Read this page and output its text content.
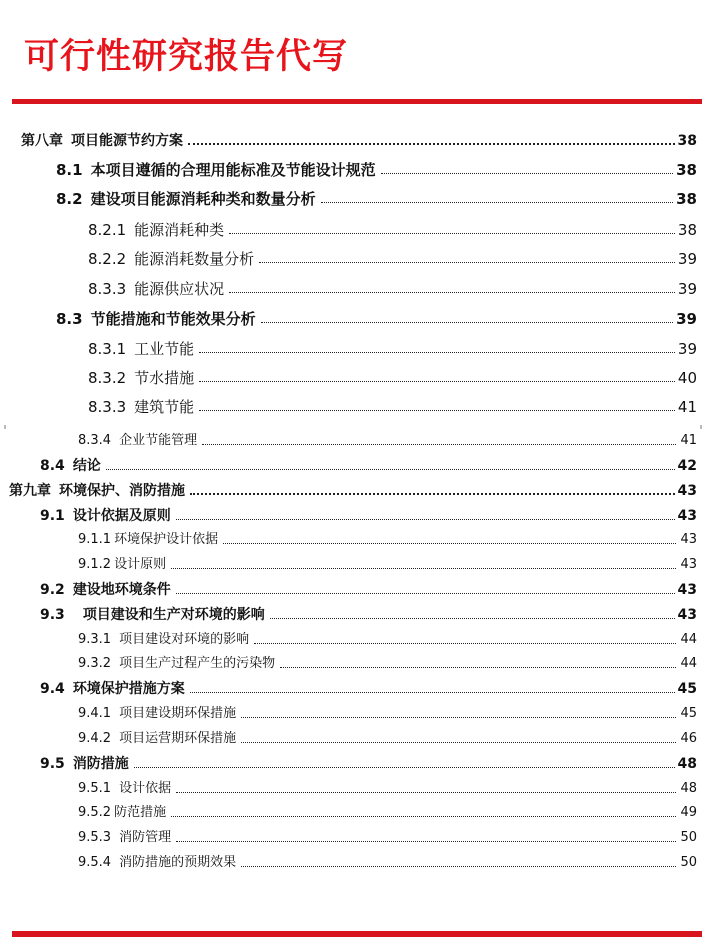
可行性研究报告代写
第八章 项目能源节约方案	38
8.1 本项目遵循的合理用能标准及节能设计规范	38
8.2 建设项目能源消耗种类和数量分析	38
8.2.1 能源消耗种类	38
8.2.2 能源消耗数量分析	39
8.3.3 能源供应状况	39
8.3 节能措施和节能效果分析	39
8.3.1 工业节能	39
8.3.2 节水措施	40
8.3.3 建筑节能	41
8.3.4 企业节能管理	41
8.4 结论	42
第九章 环境保护、消防措施	43
9.1 设计依据及原则	43
9.1.1 环境保护设计依据	43
9.1.2 设计原则	43
9.2 建设地环境条件	43
9.3 项目建设和生产对环境的影响	43
9.3.1 项目建设对环境的影响	44
9.3.2 项目生产过程产生的污染物	44
9.4 环境保护措施方案	45
9.4.1 项目建设期环保措施	45
9.4.2 项目运营期环保措施	46
9.5 消防措施	48
9.5.1 设计依据	48
9.5.2 防范措施	49
9.5.3 消防管理	50
9.5.4 消防措施的预期效果	50
